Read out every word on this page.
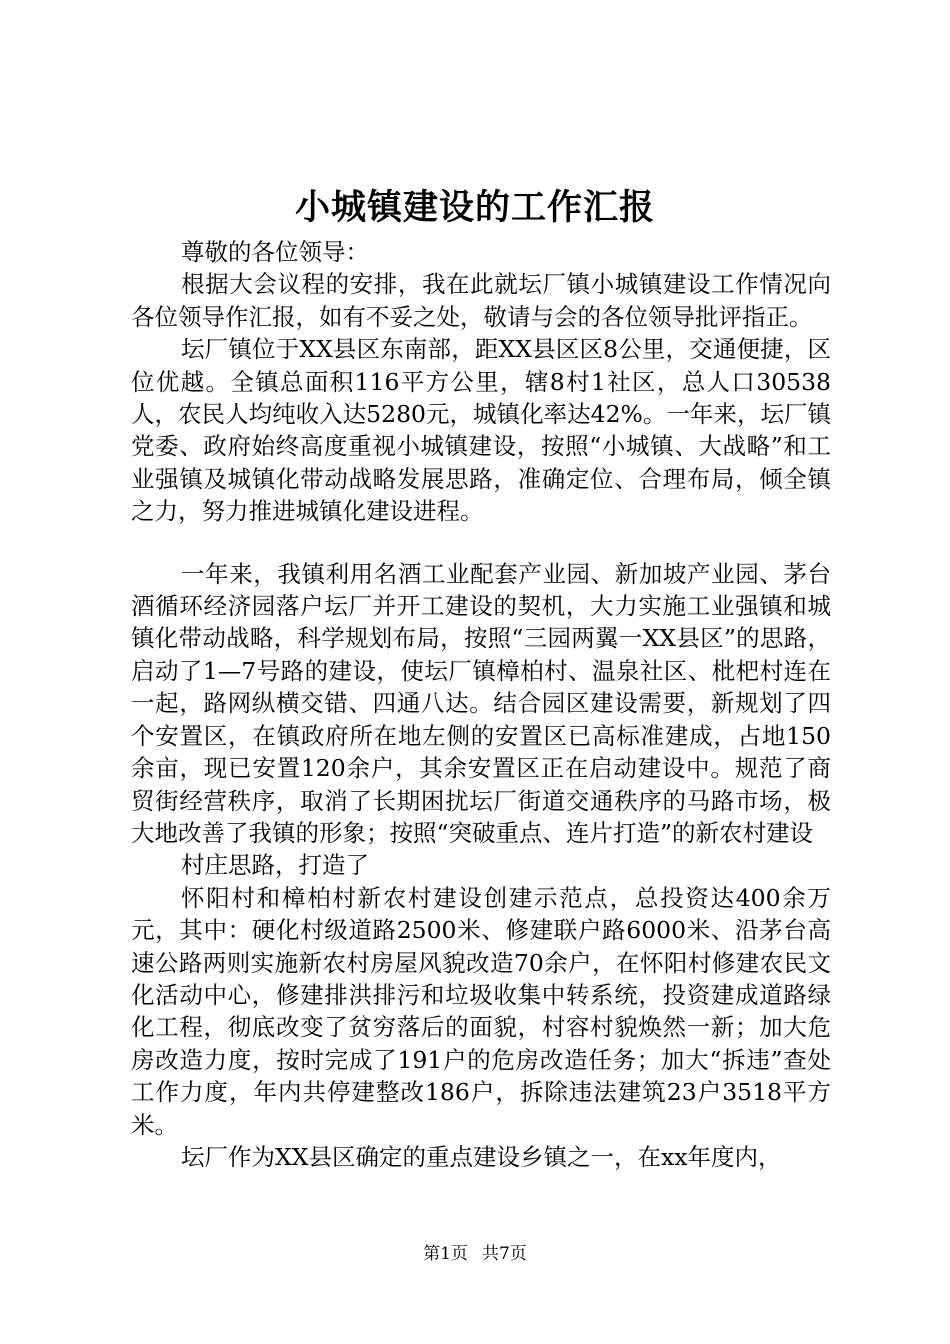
小城镇建设的工作汇报

尊敬的各位领导：

根据大会议程的安排，我在此就坛厂镇小城镇建设工作情况向各位领导作汇报，如有不妥之处，敬请与会的各位领导批评指正。

坛厂镇位于XX县区东南部，距XX县区区8公里，交通便捷，区位优越。全镇总面积116平方公里，辖8村1社区，总人口30538人，农民人均纯收入达5280元，城镇化率达42%。一年来，坛厂镇党委、政府始终高度重视小城镇建设，按照“小城镇、大战略”和工业强镇及城镇化带动战略发展思路，准确定位、合理布局，倾全镇之力，努力推进城镇化建设进程。

一年来，我镇利用名酒工业配套产业园、新加坡产业园、茅台酒循环经济园落户坛厂并开工建设的契机，大力实施工业强镇和城镇化带动战略，科学规划布局，按照“三园两翼一XX县区”的思路，启动了1—7号路的建设，使坛厂镇樟柏村、温泉社区、枇杷村连在一起，路网纵横交错、四通八达。结合园区建设需要，新规划了四个安置区，在镇政府所在地左侧的安置区已高标准建成，占地150余亩，现已安置120余户，其余安置区正在启动建设中。规范了商贸街经营秩序，取消了长期困扰坛厂街道交通秩序的马路市场，极大地改善了我镇的形象；按照“突破重点、连片打造”的新农村建设

村庄思路，打造了

怀阳村和樟柏村新农村建设创建示范点，总投资达400余万元，其中：硬化村级道路2500米、修建联户路6000米、沿茅台高速公路两则实施新农村房屋风貌改造70余户，在怀阳村修建农民文化活动中心，修建排洪排污和垃圾收集中转系统，投资建成道路绿化工程，彻底改变了贫穷落后的面貌，村容村貌焕然一新；加大危房改造力度，按时完成了191户的危房改造任务；加大“拆违”查处工作力度，年内共停建整改186户，拆除违法建筑23户3518平方米。

坛厂作为XX县区确定的重点建设乡镇之一，在xx年度内，

第1页 共7页
